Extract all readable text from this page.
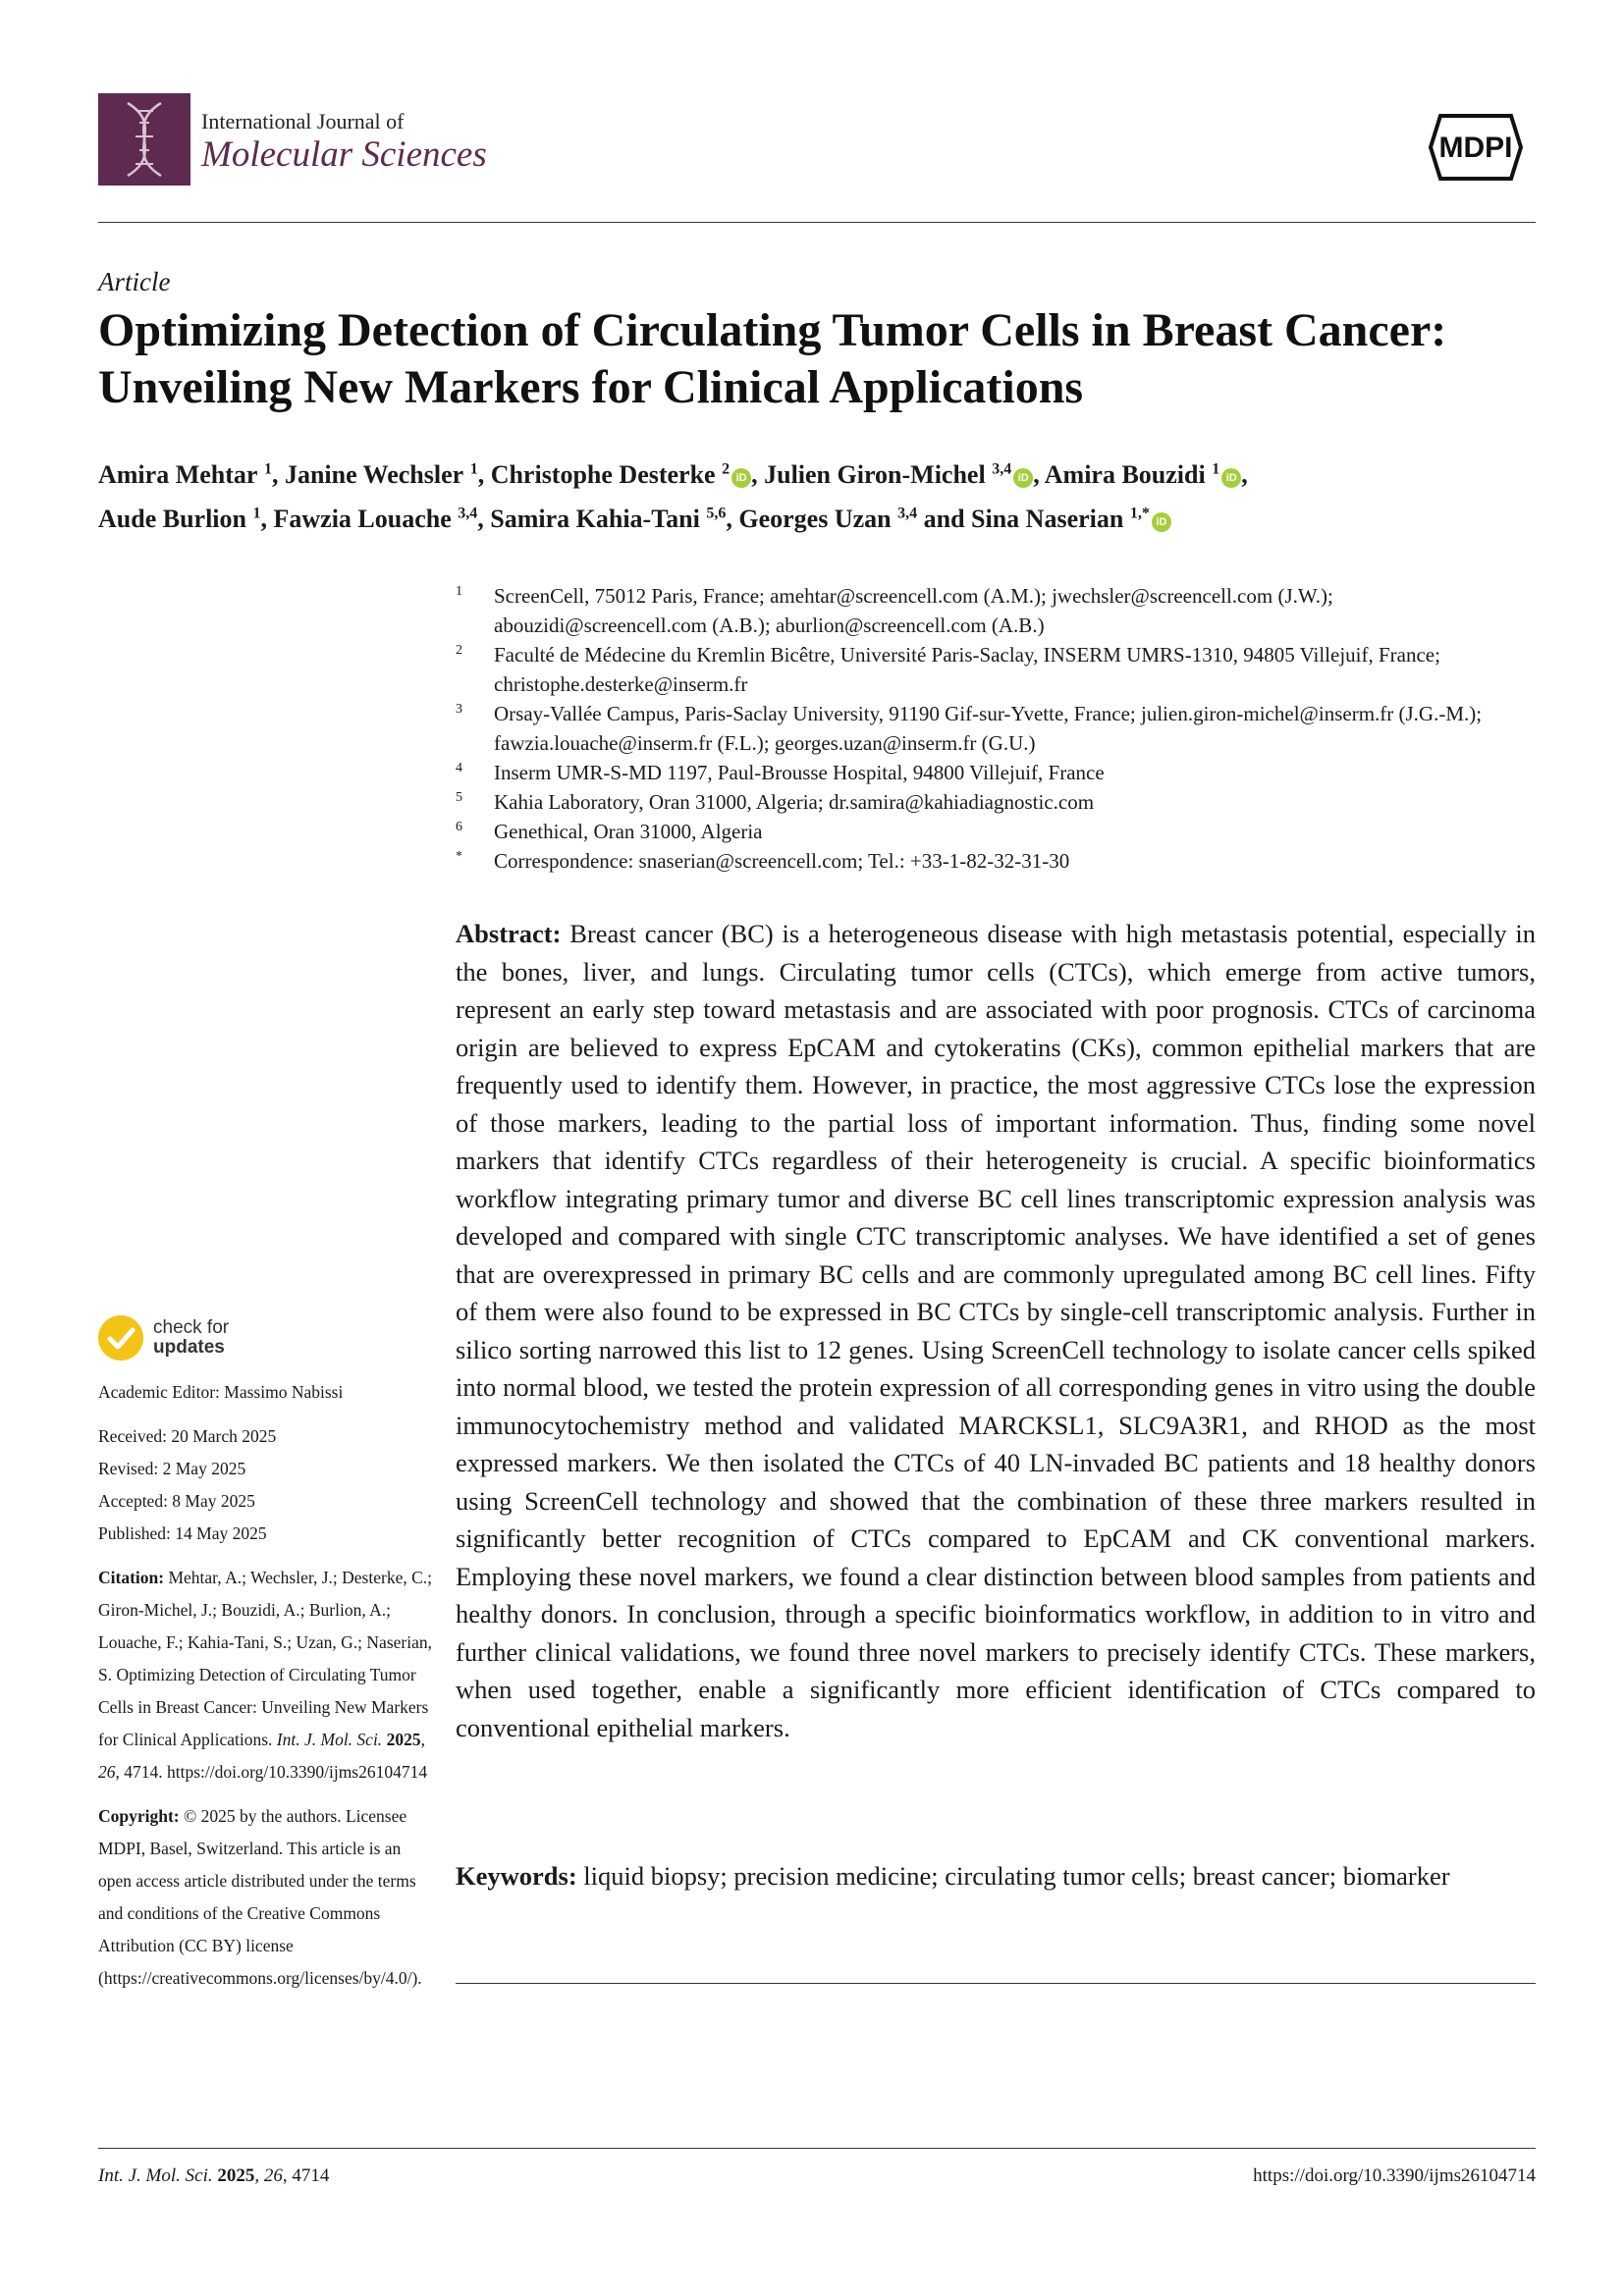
International Journal of
Molecular Sciences	MDPI
Article
Optimizing Detection of Circulating Tumor Cells in Breast Cancer: Unveiling New Markers for Clinical Applications
Amira Mehtar $^1$, Janine Wechsler $^1$, Christophe Desterke $^2$iD , Julien Giron-Michel $^{3,4}$iD , Amira Bouzidi $^1$iD ,
Aude Burlion $^1$, Fawzia Louache $^{3,4}$, Samira Kahia-Tani $^{5,6}$, Georges Uzan $^{3,4}$ and Sina Naserian $^{1,*}$iD
1	ScreenCell, 75012 Paris, France; amehtar@screencell.com (A.M.); jwechsler@screencell.com (J.W.); abouzidi@screencell.com (A.B.); aburlion@screencell.com (A.B.)
2	Faculté de Médecine du Kremlin Bicêtre, Université Paris-Saclay, INSERM UMRS-1310, 94805 Villejuif, France; christophe.desterke@inserm.fr
3	Orsay-Vallée Campus, Paris-Saclay University, 91190 Gif-sur-Yvette, France; julien.giron-michel@inserm.fr (J.G.-M.); fawzia.louache@inserm.fr (F.L.); georges.uzan@inserm.fr (G.U.)
4	Inserm UMR-S-MD 1197, Paul-Brousse Hospital, 94800 Villejuif, France
5	Kahia Laboratory, Oran 31000, Algeria; dr.samira@kahiadiagnostic.com
6	Genethical, Oran 31000, Algeria
*	Correspondence: snaserian@screencell.com; Tel.: +33-1-82-32-31-30
Abstract: Breast cancer (BC) is a heterogeneous disease with high metastasis potential, especially in the bones, liver, and lungs. Circulating tumor cells (CTCs), which emerge from active tumors, represent an early step toward metastasis and are associated with poor prognosis. CTCs of carcinoma origin are believed to express EpCAM and cytokeratins (CKs), common epithelial markers that are frequently used to identify them. However, in practice, the most aggressive CTCs lose the expression of those markers, leading to the partial loss of important information. Thus, finding some novel markers that identify CTCs regardless of their heterogeneity is crucial. A specific bioinformatics workflow integrating primary tumor and diverse BC cell lines transcriptomic expression analysis was developed and compared with single CTC transcriptomic analyses. We have identified a set of genes that are overexpressed in primary BC cells and are commonly upregulated among BC cell lines. Fifty of them were also found to be expressed in BC CTCs by single-cell transcriptomic analysis. Further in silico sorting narrowed this list to 12 genes. Using ScreenCell technology to isolate cancer cells spiked into normal blood, we tested the protein expression of all corresponding genes in vitro using the double immunocytochemistry method and validated MARCKSL1, SLC9A3R1, and RHOD as the most expressed markers. We then isolated the CTCs of 40 LN-invaded BC patients and 18 healthy donors using ScreenCell technology and showed that the combination of these three markers resulted in significantly better recognition of CTCs compared to EpCAM and CK conventional markers. Employing these novel markers, we found a clear distinction between blood samples from patients and healthy donors. In conclusion, through a specific bioinformatics workflow, in addition to in vitro and further clinical validations, we found three novel markers to precisely identify CTCs. These markers, when used together, enable a significantly more efficient identification of CTCs compared to conventional epithelial markers.
Keywords: liquid biopsy; precision medicine; circulating tumor cells; breast cancer; biomarker

check for
updates
Academic Editor: Massimo Nabissi
Received: 20 March 2025
Revised: 2 May 2025
Accepted: 8 May 2025
Published: 14 May 2025
Citation: Mehtar, A.; Wechsler, J.; Desterke, C.; Giron-Michel, J.; Bouzidi, A.; Burlion, A.; Louache, F.; Kahia-Tani, S.; Uzan, G.; Naserian, S. Optimizing Detection of Circulating Tumor Cells in Breast Cancer: Unveiling New Markers for Clinical Applications. Int. J. Mol. Sci. 2025, 26, 4714. https://doi.org/10.3390/ijms26104714
Copyright: © 2025 by the authors. Licensee MDPI, Basel, Switzerland. This article is an open access article distributed under the terms and conditions of the Creative Commons Attribution (CC BY) license (https://creativecommons.org/licenses/by/4.0/).
Int. J. Mol. Sci. 2025, 26, 4714	https://doi.org/10.3390/ijms26104714
